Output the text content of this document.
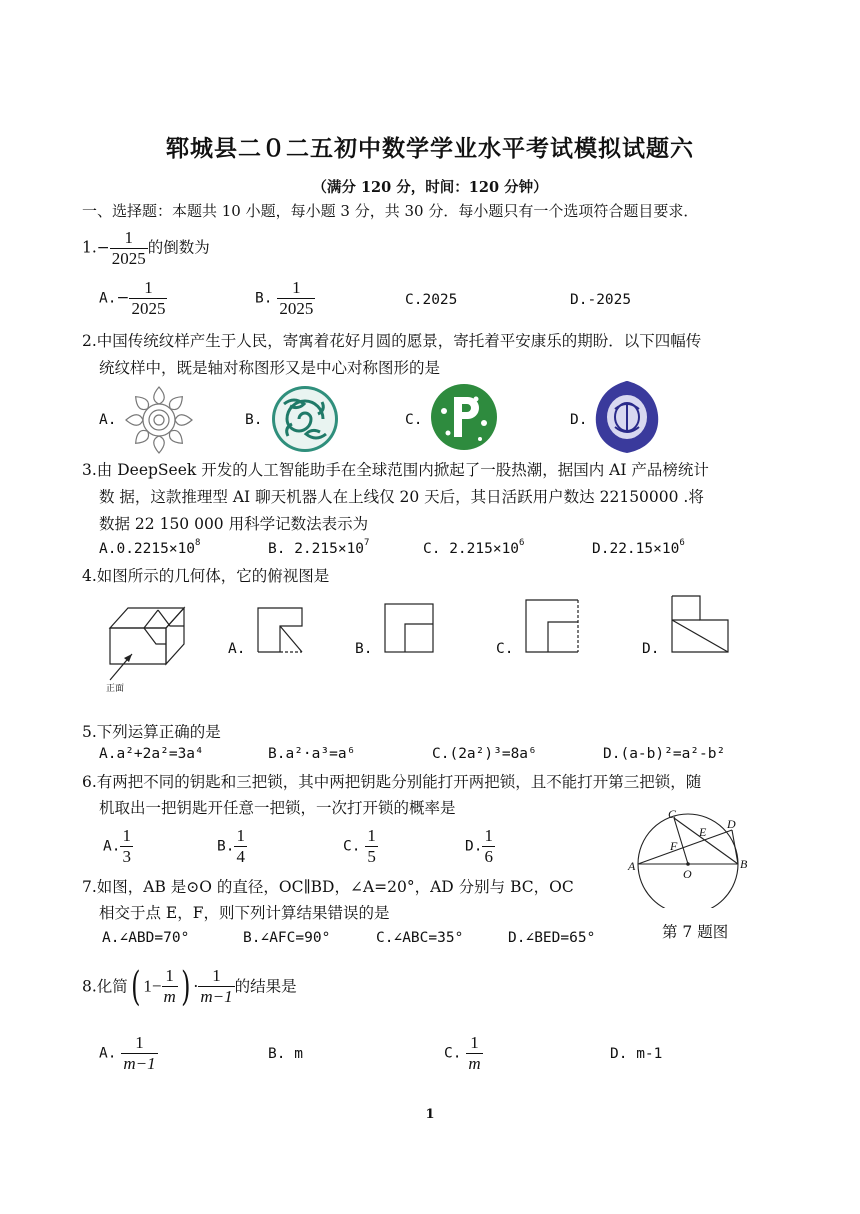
郓城县二０二五初中数学学业水平考试模拟试题六
（满分 120 分，时间：120 分钟）
一、选择题：本题共 10 小题，每小题 3 分，共 30 分．每小题只有一个选项符合题目要求．
$1.- \frac{1}{2025}$ 的倒数为
$A.- \frac{1}{2025}$	B. $\frac{1}{2025}$	C.2025	D.-2025
2.中国传统纹样产生于人民，寄寓着花好月圆的愿景，寄托着平安康乐的期盼．以下四幅传
统纹样中，既是轴对称图形又是中心对称图形的是
A.	B.	C.	D.
3.由 DeepSeek 开发的人工智能助手在全球范围内掀起了一股热潮，据国内 AI 产品榜统计
数 据，这款推理型 AI 聊天机器人在上线仅 20 天后，其日活跃用户数达 22150000 .将
数据 22 150 000 用科学记数法表示为
$A.0.2215\times 10^8$	B. $2.215\times 10^7$	C. $2.215\times 10^6$	$D.22.15\times 10^6$
4.如图所示的几何体，它的俯视图是
正面
A.	B.	C.	D.
5.下列运算正确的是
A.a²+2a²=3a⁴	B.a²·a³=a⁶	C.(2a²)³=8a⁶	D.(a-b)²=a²-b²
6.有两把不同的钥匙和三把锁，其中两把钥匙分别能打开两把锁，且不能打开第三把锁，随
机取出一把钥匙开任意一把锁，一次打开锁的概率是
A. $\frac{1}{3}$	B. $\frac{1}{4}$	C. $\frac{1}{5}$	D. $\frac{1}{6}$
7.如图，AB 是⊙O 的直径，OC∥BD，∠A=20°，AD 分别与 BC，OC
相交于点 E，F，则下列计算结果错误的是
A.∠ABD=70°	B.∠AFC=90°	C.∠ABC=35°	D.∠BED=65°
A	B
C
D
E
F
O
第 7 题图
8.化简( $1- \frac{1}{m}$ ) · $\frac{1}{m-1}$ 的结果是
A. $\frac{1}{m-1}$	B. m	C. $\frac{1}{m}$	D. m-1
1
